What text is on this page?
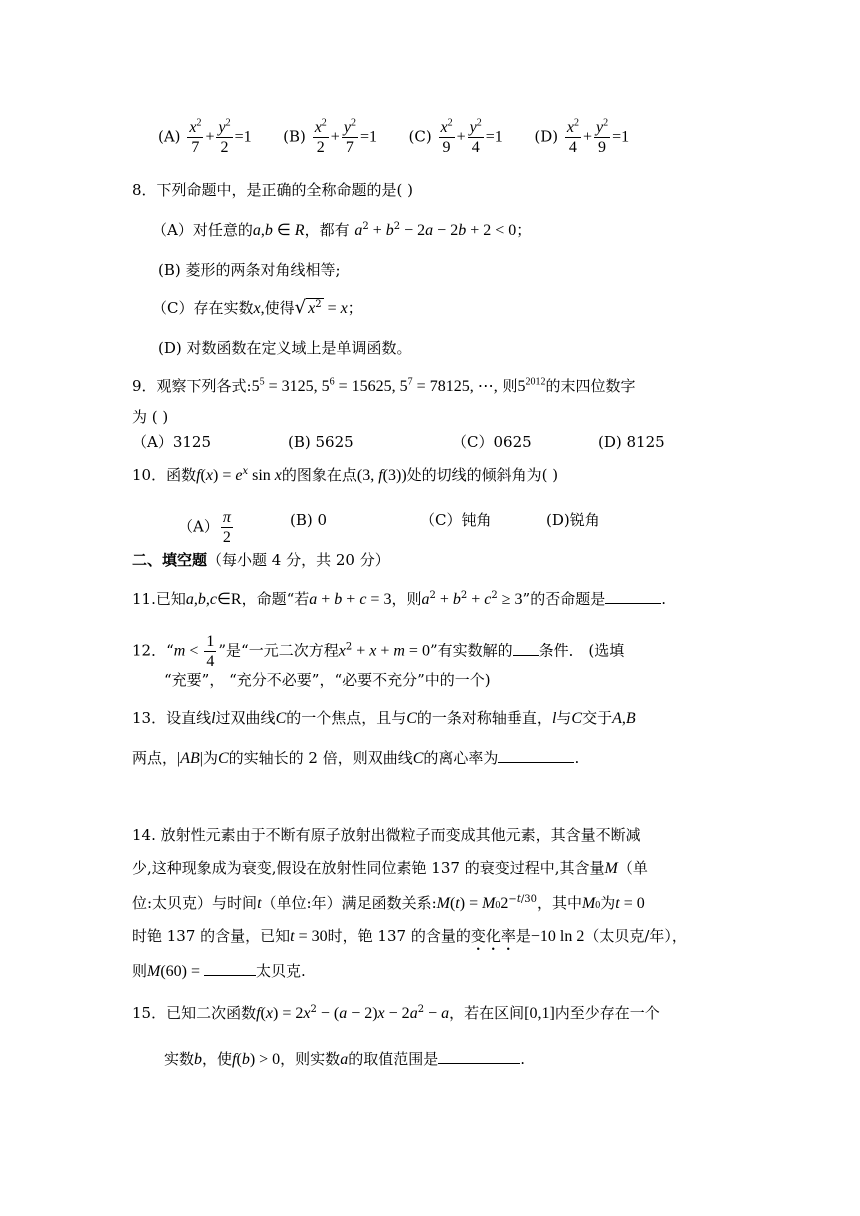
$(A) \frac{x^2}{7} + \frac{y^2}{2} =1$ $(B) \frac{x^2}{2} + \frac{y^2}{7} =1$ $(C) \frac{x^2}{9} + \frac{y^2}{4} =1$ $(D) \frac{x^2}{4} + \frac{y^2}{9} =1$
8．下列命题中，是正确的全称命题的是( )
（A）对任意的a,b ∈ R，都有 $a^2 + b^2 - 2a - 2b + 2 < 0$；
(B) 菱形的两条对角线相等;
（C）存在实数x,使得√ $x^2 = x$；
(D) 对数函数在定义域上是单调函数。
9．观察下列各式$:5^5 = 3125$, $5^6 = 15625$, $5^7 = 78125$, ⋯, 则$5^{2012}$的末四位数字
为 ( )
（A）3125	(B) 5625	（C）0625	(D) 8125
10．函数$f(x) = e^x$ sin x的图象在点(3, f(3))处的切线的倾斜角为( )
$(A) \frac{\pi}{2}$	(B) 0	（C）钝角	(D)锐角
二、填空题（每小题 4 分，共 20 分）
11.已知a,b,c∈R，命题“若a + b + c = 3，则$a^2 + b^2 + c^2 \ge 3$”的否命题是	.
12．“$m < \frac{1}{4}$ ”是“一元二次方程$x^2 + x + m = 0$”有实数解的 条件． (选填
“充要”， “充分不必要”，“必要不充分”中的一个)
13．设直线l过双曲线C的一个焦点，且与C的一条对称轴垂直，l与C交于A,B
两点，|AB|为C的实轴长的 2 倍，则双曲线C的离心率为	.
14. 放射性元素由于不断有原子放射出微粒子而变成其他元素，其含量不断减
少,这种现象成为衰变,假设在放射性同位素铯 137 的衰变过程中,其含量M（单
位:太贝克）与时间t（单位:年）满足函数关系:M(t) = $M02^{-t/30}$，其中M0为t = 0
时铯 137 的含量，已知t = 30时，铯 137 的含量的变化率是−10 ln 2（太贝克/年），
则M(60) =	太贝克.
15．已知二次函数$f(x) = 2x^2 - (a - 2)x - 2a^2 - a$，若在区间[0,1]内至少存在一个
实数b，使f(b) > 0，则实数a的取值范围是	.
